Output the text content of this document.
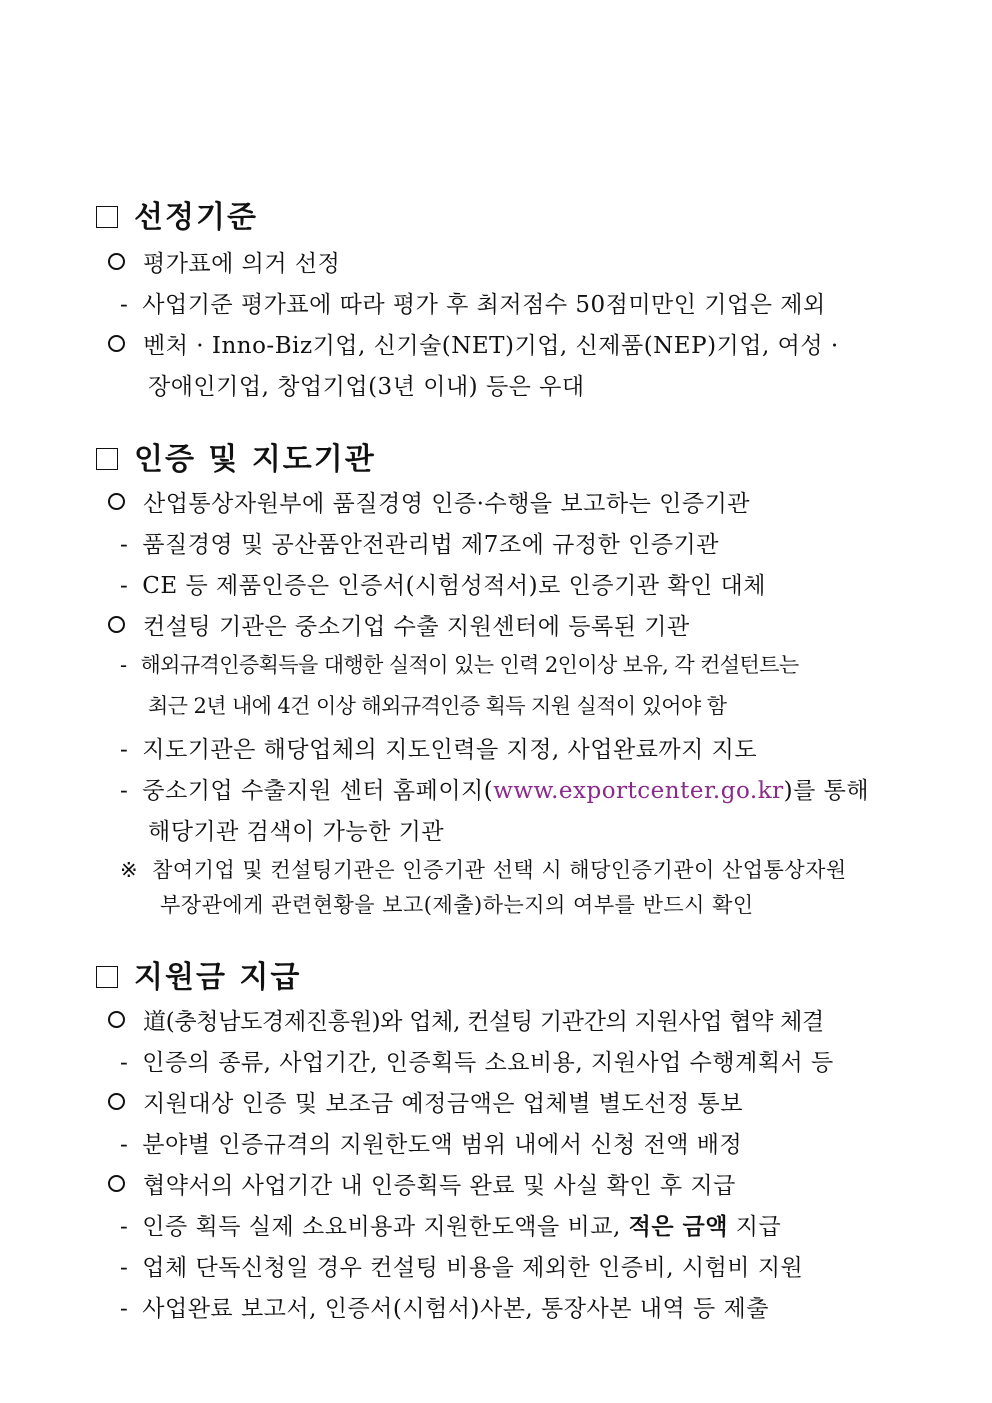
선정기준
평가표에 의거 선정
- 사업기준 평가표에 따라 평가 후 최저점수 50점미만인 기업은 제외
벤처 · Inno-Biz기업, 신기술(NET)기업, 신제품(NEP)기업, 여성 ·
장애인기업, 창업기업(3년 이내) 등은 우대
인증 및 지도기관
산업통상자원부에 품질경영 인증·수행을 보고하는 인증기관
- 품질경영 및 공산품안전관리법 제7조에 규정한 인증기관
- CE 등 제품인증은 인증서(시험성적서)로 인증기관 확인 대체
컨설팅 기관은 중소기업 수출 지원센터에 등록된 기관
- 해외규격인증획득을 대행한 실적이 있는 인력 2인이상 보유, 각 컨설턴트는
최근 2년 내에 4건 이상 해외규격인증 획득 지원 실적이 있어야 함
- 지도기관은 해당업체의 지도인력을 지정, 사업완료까지 지도
- 중소기업 수출지원 센터 홈페이지(www.exportcenter.go.kr)를 통해
해당기관 검색이 가능한 기관
※ 참여기업 및 컨설팅기관은 인증기관 선택 시 해당인증기관이 산업통상자원
부장관에게 관련현황을 보고(제출)하는지의 여부를 반드시 확인
지원금 지급
道(충청남도경제진흥원)와 업체, 컨설팅 기관간의 지원사업 협약 체결
- 인증의 종류, 사업기간, 인증획득 소요비용, 지원사업 수행계획서 등
지원대상 인증 및 보조금 예정금액은 업체별 별도선정 통보
- 분야별 인증규격의 지원한도액 범위 내에서 신청 전액 배정
협약서의 사업기간 내 인증획득 완료 및 사실 확인 후 지급
- 인증 획득 실제 소요비용과 지원한도액을 비교, 적은 금액 지급
- 업체 단독신청일 경우 컨설팅 비용을 제외한 인증비, 시험비 지원
- 사업완료 보고서, 인증서(시험서)사본, 통장사본 내역 등 제출
